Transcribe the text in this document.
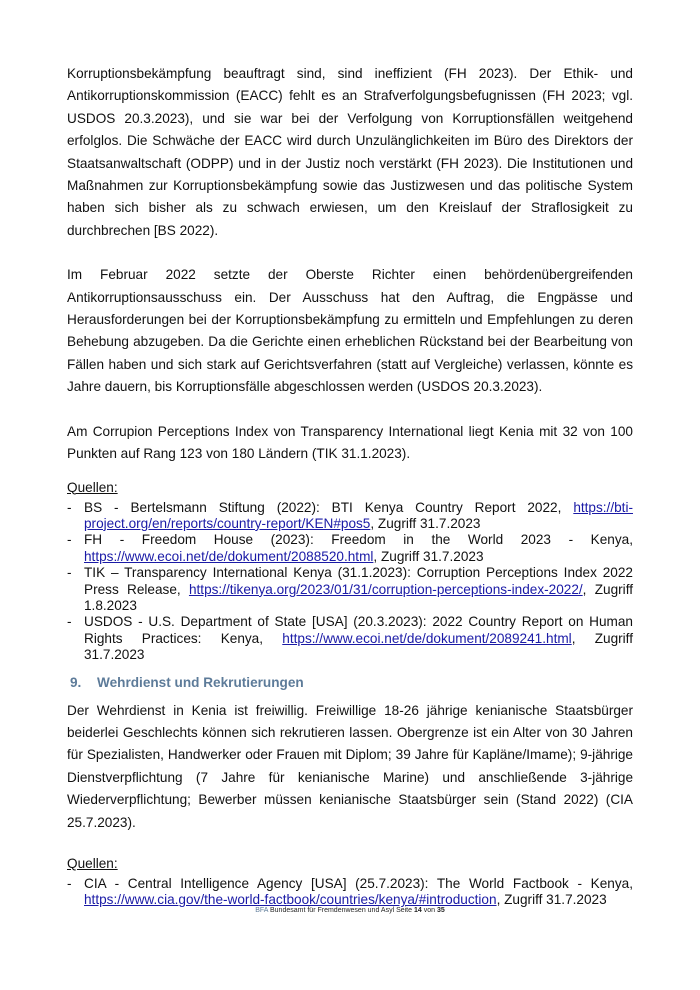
Korruptionsbekämpfung beauftragt sind, sind ineffizient (FH 2023). Der Ethik- und Antikorruptionskommission (EACC) fehlt es an Strafverfolgungsbefugnissen (FH 2023; vgl. USDOS 20.3.2023), und sie war bei der Verfolgung von Korruptionsfällen weitgehend erfolglos. Die Schwäche der EACC wird durch Unzulänglichkeiten im Büro des Direktors der Staatsanwaltschaft (ODPP) und in der Justiz noch verstärkt (FH 2023). Die Institutionen und Maßnahmen zur Korruptionsbekämpfung sowie das Justizwesen und das politische System haben sich bisher als zu schwach erwiesen, um den Kreislauf der Straflosigkeit zu durchbrechen [BS 2022).

Im Februar 2022 setzte der Oberste Richter einen behördenübergreifenden Antikorruptionsausschuss ein. Der Ausschuss hat den Auftrag, die Engpässe und Herausforderungen bei der Korruptionsbekämpfung zu ermitteln und Empfehlungen zu deren Behebung abzugeben. Da die Gerichte einen erheblichen Rückstand bei der Bearbeitung von Fällen haben und sich stark auf Gerichtsverfahren (statt auf Vergleiche) verlassen, könnte es Jahre dauern, bis Korruptionsfälle abgeschlossen werden (USDOS 20.3.2023).

Am Corrupion Perceptions Index von Transparency International liegt Kenia mit 32 von 100 Punkten auf Rang 123 von 180 Ländern (TIK 31.1.2023).

Quellen:

- BS - Bertelsmann Stiftung (2022): BTI Kenya Country Report 2022, https://bti-project.org/en/reports/country-report/KEN#pos5, Zugriff 31.7.2023
- FH - Freedom House (2023): Freedom in the World 2023 - Kenya, https://www.ecoi.net/de/dokument/2088520.html, Zugriff 31.7.2023
- TIK – Transparency International Kenya (31.1.2023): Corruption Perceptions Index 2022 Press Release, https://tikenya.org/2023/01/31/corruption-perceptions-index-2022/, Zugriff 1.8.2023
- USDOS - U.S. Department of State [USA] (20.3.2023): 2022 Country Report on Human Rights Practices: Kenya, https://www.ecoi.net/de/dokument/2089241.html, Zugriff 31.7.2023
9. Wehrdienst und Rekrutierungen

Der Wehrdienst in Kenia ist freiwillig. Freiwillige 18-26 jährige kenianische Staatsbürger beiderlei Geschlechts können sich rekrutieren lassen. Obergrenze ist ein Alter von 30 Jahren für Spezialisten, Handwerker oder Frauen mit Diplom; 39 Jahre für Kapläne/Imame); 9-jährige Dienstverpflichtung (7 Jahre für kenianische Marine) und anschließende 3-jährige Wiederverpflichtung; Bewerber müssen kenianische Staatsbürger sein (Stand 2022) (CIA 25.7.2023).

Quellen:

- CIA - Central Intelligence Agency [USA] (25.7.2023): The World Factbook - Kenya, https://www.cia.gov/the-world-factbook/countries/kenya/#introduction, Zugriff 31.7.2023
BFA Bundesamt für Fremdenwesen und Asyl Seite 14 von 35
